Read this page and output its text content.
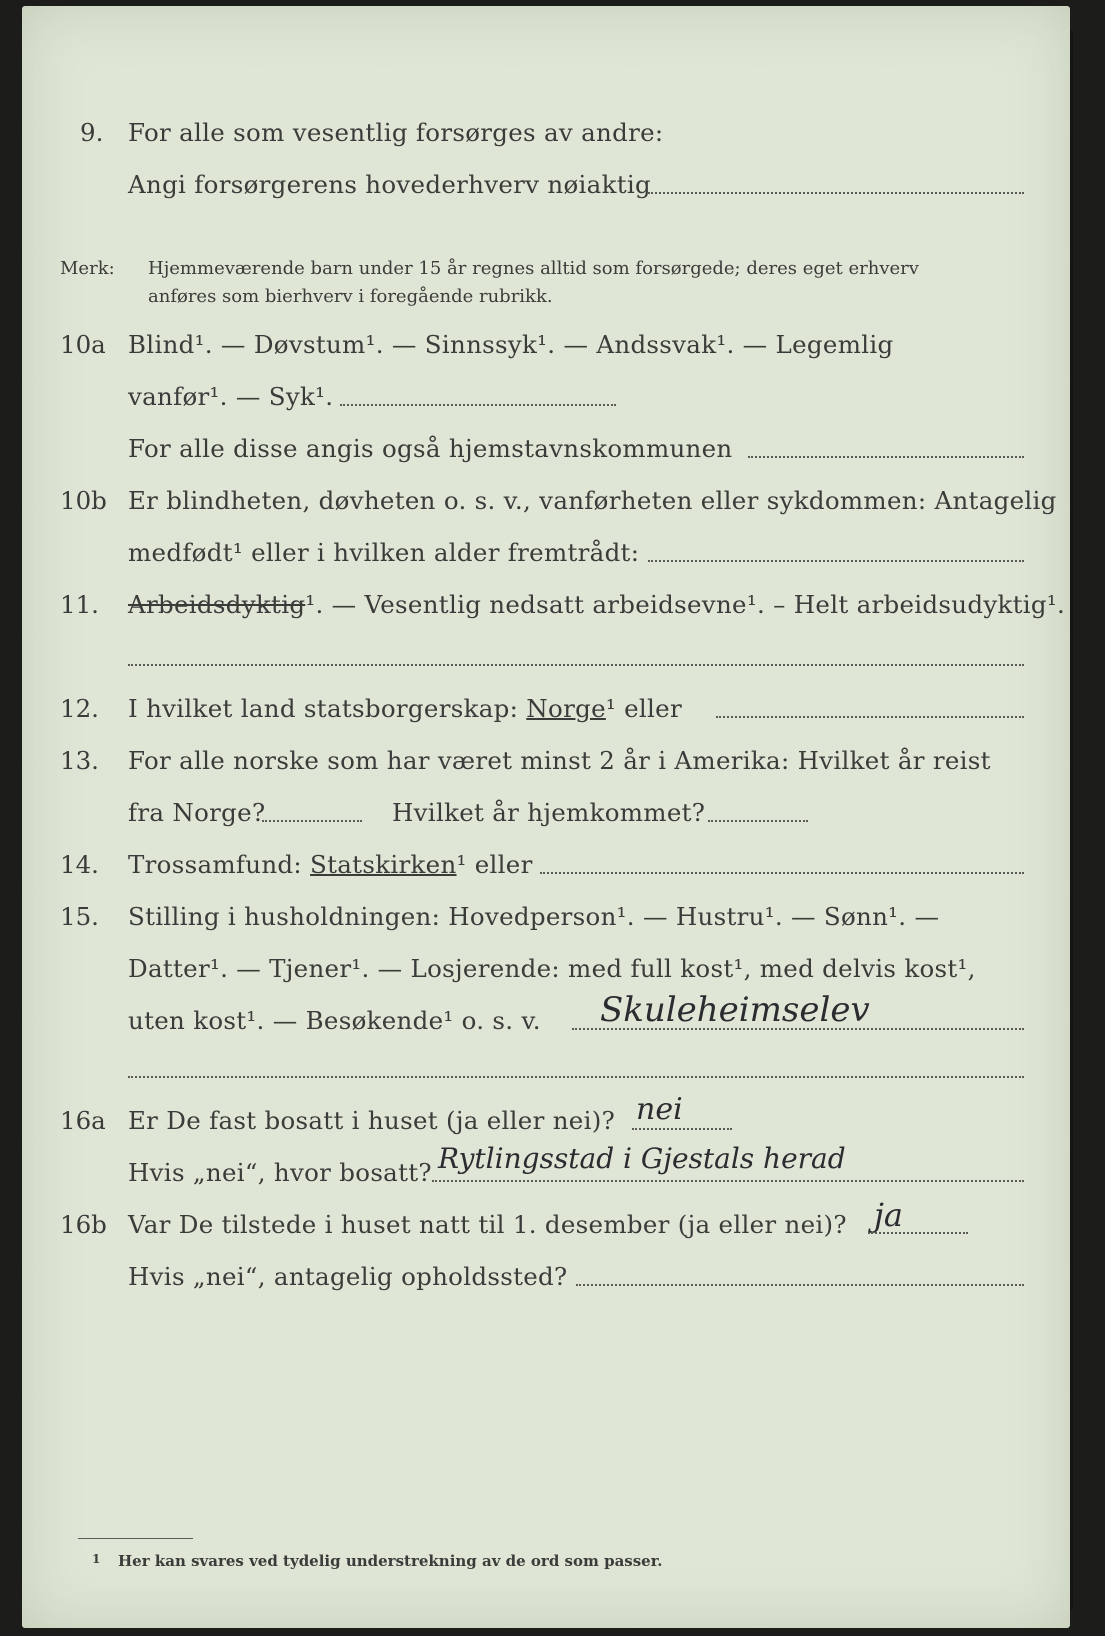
9. For alle som vesentlig forsørges av andre:
Angi forsørgerens hovederhverv nøiaktig
Merk: Hjemmeværende barn under 15 år regnes alltid som forsørgede; deres eget erhverv
anføres som bierhverv i foregående rubrikk.
10a Blind¹. — Døvstum¹. — Sinnssyk¹. — Andssvak¹. — Legemlig
vanfør¹. — Syk¹.
For alle disse angis også hjemstavnskommunen
10b Er blindheten, døvheten o. s. v., vanførheten eller sykdommen: Antagelig
medfødt¹ eller i hvilken alder fremtrådt:
11. Arbeidsdyktig¹. — Vesentlig nedsatt arbeidsevne¹. – Helt arbeidsudyktig¹.
12. I hvilket land statsborgerskap: Norge¹ eller
13. For alle norske som har været minst 2 år i Amerika: Hvilket år reist
fra Norge?	Hvilket år hjemkommet?
14. Trossamfund: Statskirken¹ eller
15. Stilling i husholdningen: Hovedperson¹. — Hustru¹. — Sønn¹. —
Datter¹. — Tjener¹. — Losjerende: med full kost¹, med delvis kost¹,
uten kost¹. — Besøkende¹ o. s. v. Skuleheimselev
16a Er De fast bosatt i huset (ja eller nei)? nei
Hvis „nei“, hvor bosatt? Rytlingsstad i Gjestals herad
16b Var De tilstede i huset natt til 1. desember (ja eller nei)? ja
Hvis „nei“, antagelig opholdssted?
1 Her kan svares ved tydelig understrekning av de ord som passer.
